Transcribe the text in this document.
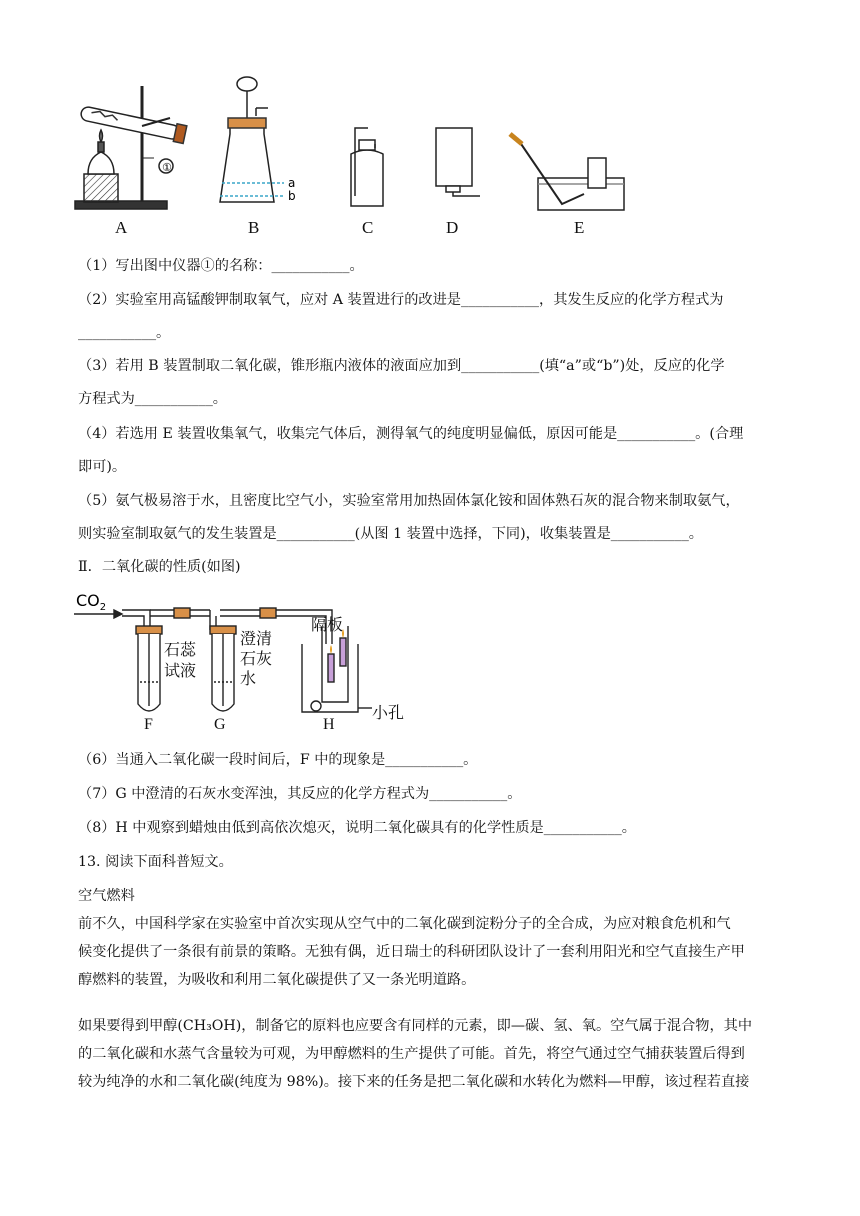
①
a
b
A	B	C	D	E
（1）写出图中仪器①的名称：___________。
（2）实验室用高锰酸钾制取氧气，应对 A 装置进行的改进是___________，其发生反应的化学方程式为
___________。
（3）若用 B 装置制取二氧化碳，锥形瓶内液体的液面应加到___________(填“a”或“b”)处，反应的化学
方程式为___________。
（4）若选用 E 装置收集氧气，收集完气体后，测得氧气的纯度明显偏低，原因可能是___________。(合理
即可)。
（5）氨气极易溶于水，且密度比空气小，实验室常用加热固体氯化铵和固体熟石灰的混合物来制取氨气，
则实验室制取氨气的发生装置是___________(从图 1 装置中选择，下同)，收集装置是___________。
Ⅱ．二氧化碳的性质(如图)
$CO_2$
石蕊
试液
澄清
石灰
水
隔板
小孔
F	G	H
（6）当通入二氧化碳一段时间后，F 中的现象是___________。
（7）G 中澄清的石灰水变浑浊，其反应的化学方程式为___________。
（8）H 中观察到蜡烛由低到高依次熄灭，说明二氧化碳具有的化学性质是___________。
13. 阅读下面科普短文。
空气燃料
前不久，中国科学家在实验室中首次实现从空气中的二氧化碳到淀粉分子的全合成，为应对粮食危机和气
候变化提供了一条很有前景的策略。无独有偶，近日瑞士的科研团队设计了一套利用阳光和空气直接生产甲
醇燃料的装置，为吸收和利用二氧化碳提供了又一条光明道路。
如果要得到甲醇(CH₃OH)，制备它的原料也应要含有同样的元素，即—碳、氢、氧。空气属于混合物，其中
的二氧化碳和水蒸气含量较为可观，为甲醇燃料的生产提供了可能。首先，将空气通过空气捕获装置后得到
较为纯净的水和二氧化碳(纯度为 98%)。接下来的任务是把二氧化碳和水转化为燃料—甲醇，该过程若直接
